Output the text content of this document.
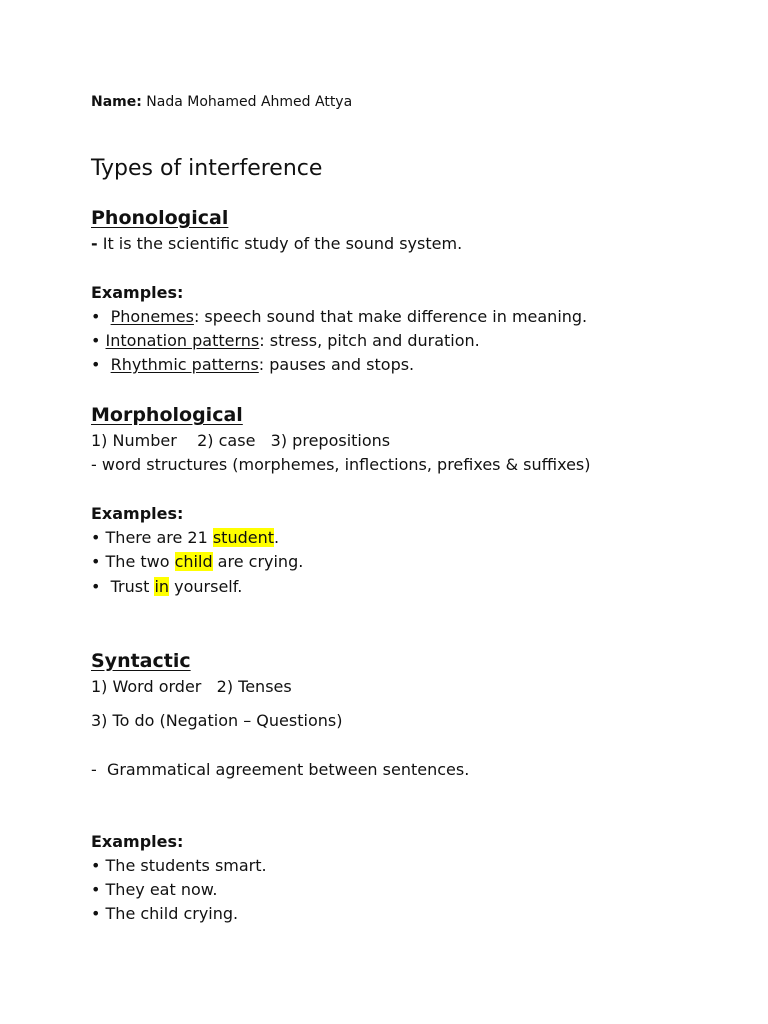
Name: Nada Mohamed Ahmed Attya
Types of interference
Phonological
- It is the scientific study of the sound system.
Examples:
•  Phonemes: speech sound that make difference in meaning.
• Intonation patterns: stress, pitch and duration.
•  Rhythmic patterns: pauses and stops.
Morphological
1) Number    2) case   3) prepositions
- word structures (morphemes, inflections, prefixes & suffixes)
Examples:
• There are 21 student.
• The two child are crying.
•  Trust in yourself.
Syntactic
1) Word order   2) Tenses
3) To do (Negation – Questions)
-  Grammatical agreement between sentences.
Examples:
• The students smart.
• They eat now.
• The child crying.
